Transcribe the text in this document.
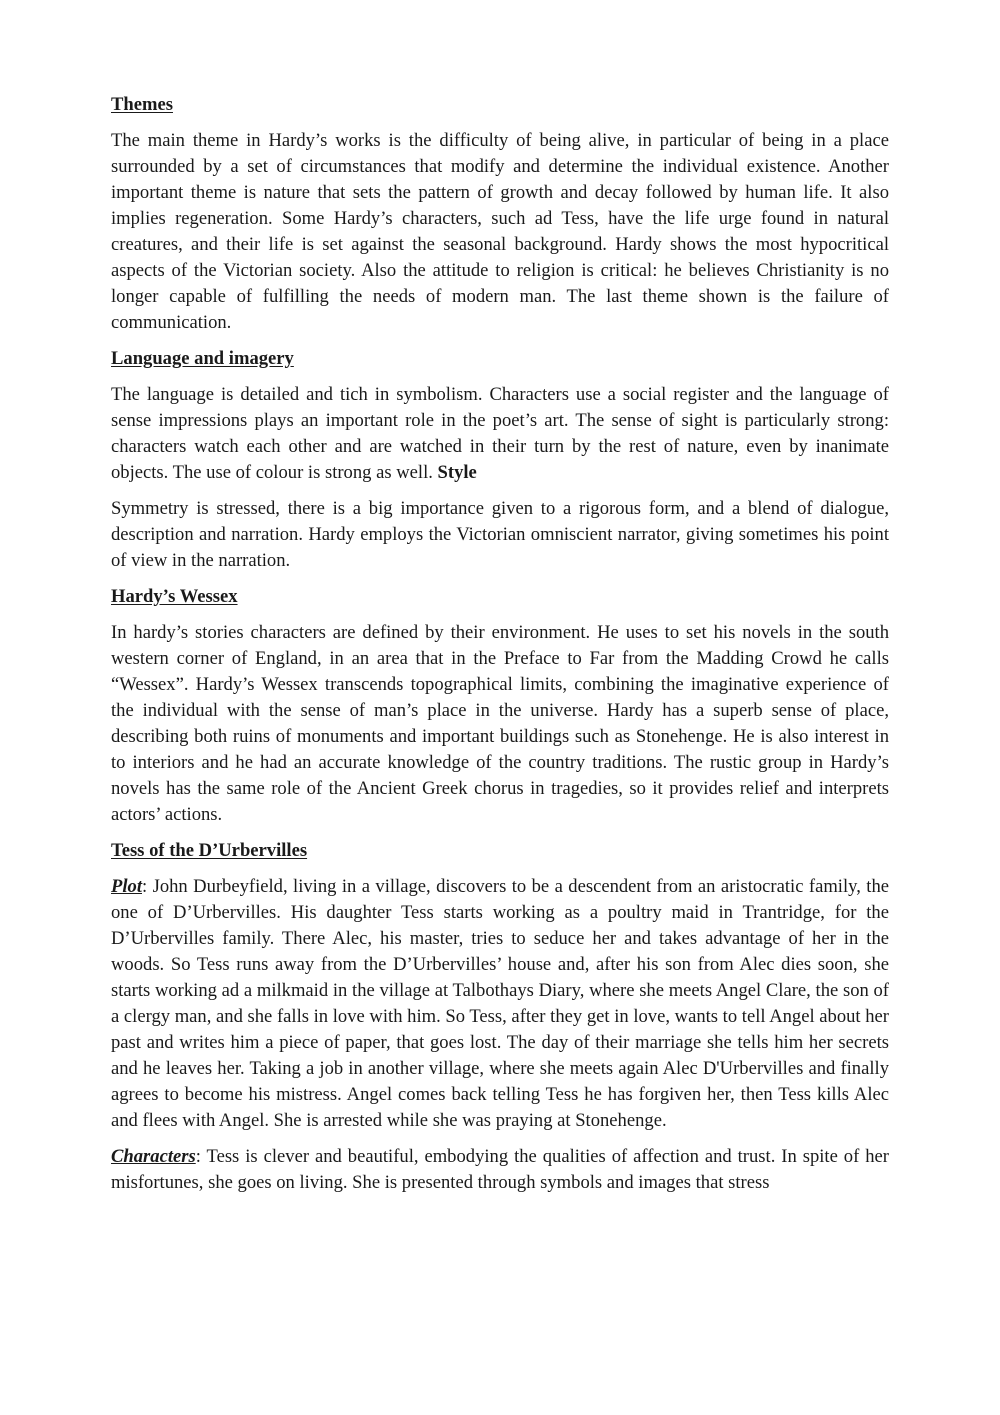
Themes

The main theme in Hardy’s works is the difficulty of being alive, in particular of being in a place surrounded by a set of circumstances that modify and determine the individual existence. Another important theme is nature that sets the pattern of growth and decay followed by human life. It also implies regeneration. Some Hardy’s characters, such ad Tess, have the life urge found in natural creatures, and their life is set against the seasonal background. Hardy shows the most hypocritical aspects of the Victorian society. Also the attitude to religion is critical: he believes Christianity is no longer capable of fulfilling the needs of modern man. The last theme shown is the failure of communication.

Language and imagery

The language is detailed and tich in symbolism. Characters use a social register and the language of sense impressions plays an important role in the poet’s art. The sense of sight is particularly strong: characters watch each other and are watched in their turn by the rest of nature, even by inanimate objects. The use of colour is strong as well. Style

Symmetry is stressed, there is a big importance given to a rigorous form, and a blend of dialogue, description and narration. Hardy employs the Victorian omniscient narrator, giving sometimes his point of view in the narration.

Hardy’s Wessex

In hardy’s stories characters are defined by their environment. He uses to set his novels in the south western corner of England, in an area that in the Preface to Far from the Madding Crowd he calls “Wessex”. Hardy’s Wessex transcends topographical limits, combining the imaginative experience of the individual with the sense of man’s place in the universe. Hardy has a superb sense of place, describing both ruins of monuments and important buildings such as Stonehenge. He is also interest in to interiors and he had an accurate knowledge of the country traditions. The rustic group in Hardy’s novels has the same role of the Ancient Greek chorus in tragedies, so it provides relief and interprets actors’ actions.

Tess of the D’Urbervilles

Plot: John Durbeyfield, living in a village, discovers to be a descendent from an aristocratic family, the one of D’Urbervilles. His daughter Tess starts working as a poultry maid in Trantridge, for the D’Urbervilles family. There Alec, his master, tries to seduce her and takes advantage of her in the woods. So Tess runs away from the D’Urbervilles’ house and, after his son from Alec dies soon, she starts working ad a milkmaid in the village at Talbothays Diary, where she meets Angel Clare, the son of a clergy man, and she falls in love with him. So Tess, after they get in love, wants to tell Angel about her past and writes him a piece of paper, that goes lost. The day of their marriage she tells him her secrets and he leaves her. Taking a job in another village, where she meets again Alec D'Urbervilles and finally agrees to become his mistress. Angel comes back telling Tess he has forgiven her, then Tess kills Alec and flees with Angel. She is arrested while she was praying at Stonehenge.

Characters: Tess is clever and beautiful, embodying the qualities of affection and trust. In spite of her misfortunes, she goes on living. She is presented through symbols and images that stress
